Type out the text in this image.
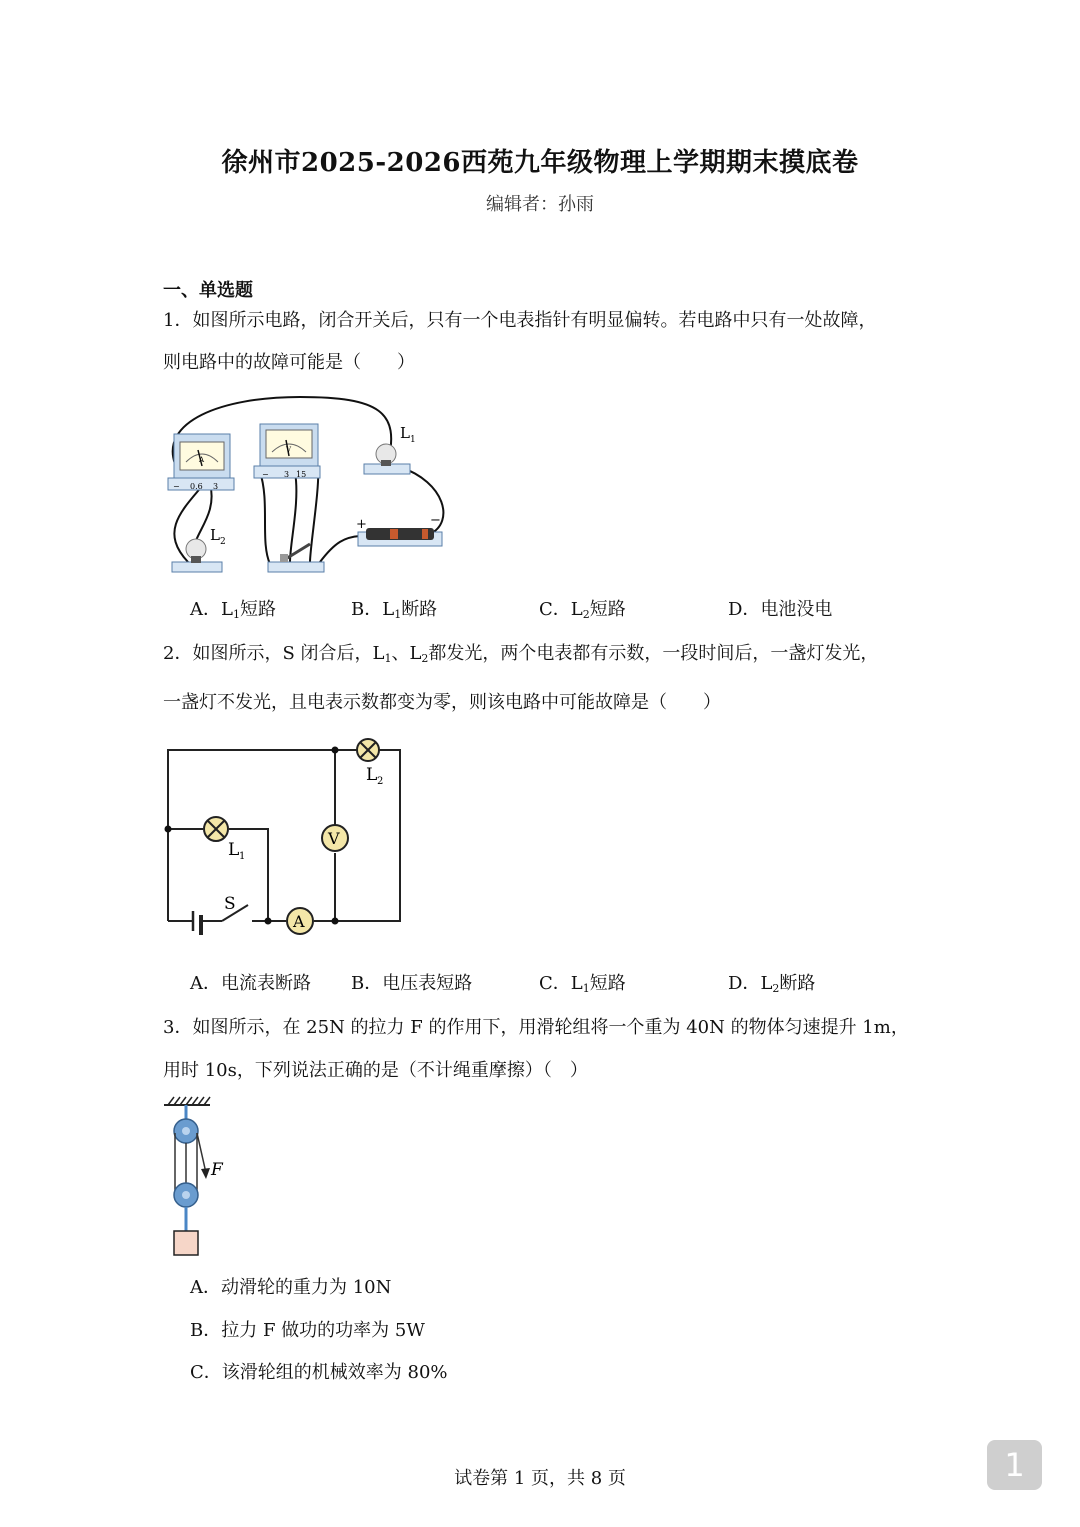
徐州市2025-2026西苑九年级物理上学期期末摸底卷
编辑者：孙雨
一、单选题
1．如图所示电路，闭合开关后，只有一个电表指针有明显偏转。若电路中只有一处故障，
则电路中的故障可能是（　　）
A
− 0.6 3
V
− 3 15
L 1
L 2
+	−
A．$L_1$短路	B．$L_1$断路	C．$L_2$短路	D．电池没电
2．如图所示，S 闭合后，$L_1$、$L_2$都发光，两个电表都有示数，一段时间后，一盏灯发光，
一盏灯不发光，且电表示数都变为零，则该电路中可能故障是（　　）
L 2
L 1
V
A
S
A．电流表断路 B．电压表短路	C．$L_1$短路	D．$L_2$断路
3．如图所示，在 25N 的拉力 F 的作用下，用滑轮组将一个重为 40N 的物体匀速提升 1m，
用时 10s，下列说法正确的是（不计绳重摩擦）（　）
F
A．动滑轮的重力为 10N
B．拉力 F 做功的功率为 5W
C．该滑轮组的机械效率为 80%
试卷第 1 页，共 8 页	1
